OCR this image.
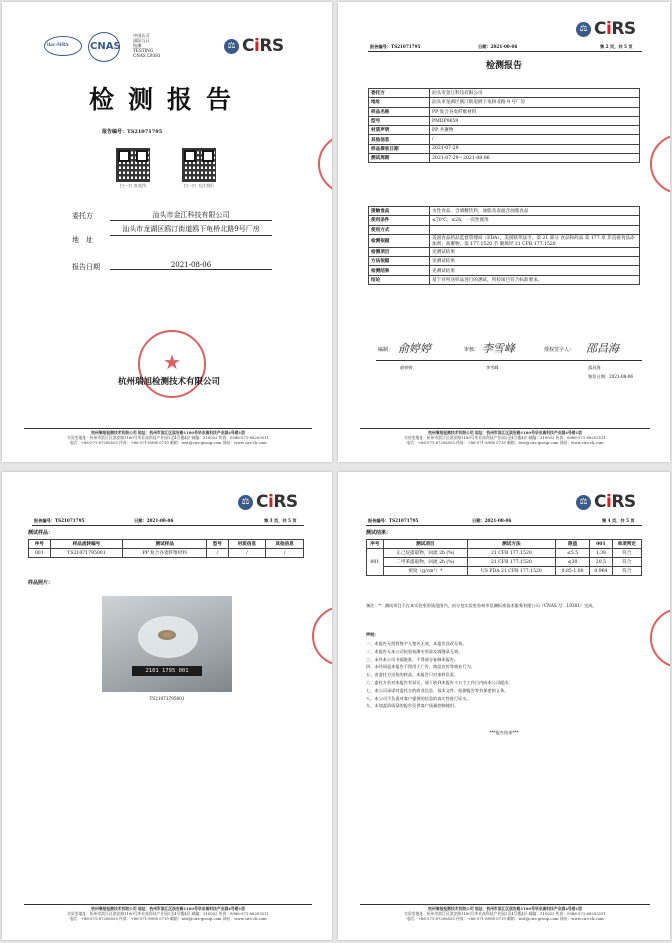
ilac-MRA CNAS
中国认可
国际互认
检测
TESTING
CNAS L9381
⚖ CiRS
检测报告
报告编号：TS21071795
扫一扫 查真伪	扫一扫 关注我们
委托方	汕头市金江科技有限公司
地　址
汕头市龙湖区鸥汀街道鸥下龟桥北路9号厂房
报告日期	2021-08-06
★
杭州瑞旭检测技术有限公司
杭州瑞旭检测技术有限公司 地址：杭州市滨江区滨安路1180号华业高科技产业园4号楼1层
实验室地址：杭州市滨江区滨安路1180号华业高科技产业园1至4号楼4层 邮编：310052 传真：0086-571-88203511
电话：+86-571-87206555 传真：+86-571-8998 0719 邮箱：test@cirs-group.com 网站：www.cirs-ck.com
⚖ CiRS
报告编号：TS21071795	日期：2021-08-06	第 2 页，共 5 页
检测报告
委托方	汕头市金江科技有限公司
地址	汕头市龙湖区鸥汀街道鸥下龟桥北路 9 号厂房
样品名称	PP 复合谷麦纤维材料
型号	PMDP0659
材质声明	PP 共聚物
其他信息	/
样品接收日期	2021-07-29
测试周期	2021-07-29～2021-08-06
接触食品	水性食品，含酒精饮料，油脂及表面含油脂食品
使用条件	≤70℃，≤2h，一次性使用
使用方式	
检测依据	美国食品药品监督管理局（FDA），美国联邦法令，第 21 部分 食品和药品 第 177 章 非直接食品添加剂：高聚物，第 177.1520 节 聚烯烃 21 CFR 177.1520
检测项目	见测试结果
方法依据	见测试结果
检测结果	见测试结果
结论	基于对所送样品进行的测试，所检项目符合标准要求。
编制： 俞婷婷
俞婷婷
审核： 李雪峰
李雪峰
授权签字人： 邵昌海
邵昌海
签发日期：2021-08-06
杭州瑞旭检测技术有限公司 地址：杭州市滨江区滨安路1180号华业高科技产业园4号楼1层
实验室地址：杭州市滨江区滨安路1180号华业高科技产业园1至4号楼4层 邮编：310052 传真：0086-571-88203511
电话：+86-571-87206555 传真：+86-571-8998 0719 邮箱：test@cirs-group.com 网站：www.cirs-ck.com
⚖ CiRS
报告编号：TS21071795	日期：2021-08-06	第 3 页，共 5 页
测试样品：
序号	样品流转编号	测试样品	型号	材质信息	其他信息
001	TS21071795001	PP 复合谷麦纤维材料	/	/	/
样品照片：
2101 1795 001
TS21071795001
杭州瑞旭检测技术有限公司 地址：杭州市滨江区滨安路1180号华业高科技产业园4号楼1层
实验室地址：杭州市滨江区滨安路1180号华业高科技产业园1至4号楼4层 邮编：310052 传真：0086-571-88203511
电话：+86-571-87206555 传真：+86-571-8998 0719 邮箱：test@cirs-group.com 网站：www.cirs-ck.com
⚖ CiRS
报告编号：TS21071795	日期：2021-08-06	第 4 页，共 5 页
测试结果：
序号	测试项目	测试方法	限值	001	单项判定
001	正己烷提取物，回流 2h (%)	21 CFR 177.1520	≤5.5	1.38	符合
	二甲苯提取物，回流 2h (%)	21 CFR 177.1520	≤30	20.5	符合
	密度（g/cm³）*	US FDA 21 CFR 177.1520	0.85-1.00	0.964	符合
备注：*：测试项目不在本实验室资质范围内，由分包实验室苏州市信测标准技术服务有限公司（CNAS 号：L9381）完成。
声明：
一、本报告无授权签字人签名无效，本报告涂改无效。
二、本报告无本公司检验检测专用章及骑缝章无效。
三、未经本公司书面批准，不得部分复制本报告。
四、未经同意本报告不得用于广告、商品宣传等商业行为。
五、由委托方送检的样品，本报告只对来样负责。
六、委托方若对本报告有异议，请于收到本报告十五个工作日内向本公司提出。
七、本公司承诺对委托方的商业信息、技术文件、检测报告等有保密的义务。
八、本公司不负责对客户提供的信息的真实性进行证实。
九、未加盖资质章的报告仅供客户质量控制使用。
***报告结束***
杭州瑞旭检测技术有限公司 地址：杭州市滨江区滨安路1180号华业高科技产业园4号楼1层
实验室地址：杭州市滨江区滨安路1180号华业高科技产业园1至4号楼4层 邮编：310052 传真：0086-571-88203511
电话：+86-571-87206555 传真：+86-571-8998 0719 邮箱：test@cirs-group.com 网站：www.cirs-ck.com
